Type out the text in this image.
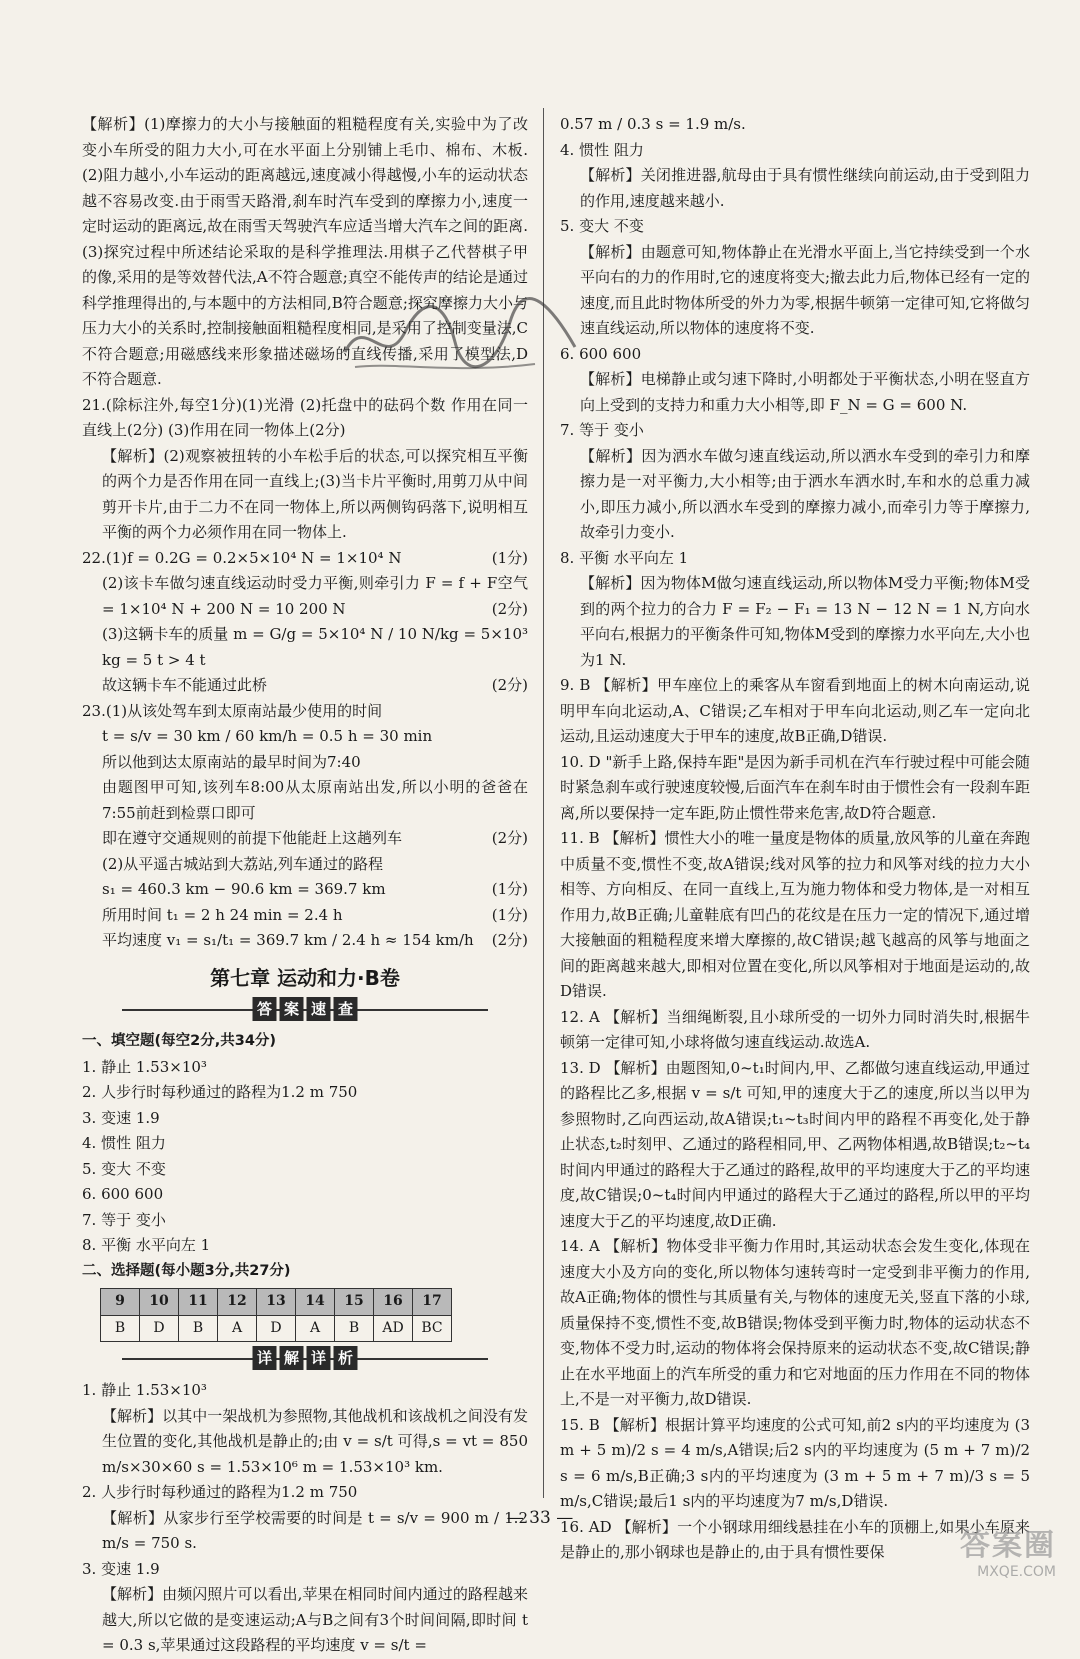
【解析】(1)摩擦力的大小与接触面的粗糙程度有关,实验中为了改变小车所受的阻力大小,可在水平面上分别铺上毛巾、棉布、木板.(2)阻力越小,小车运动的距离越远,速度减小得越慢,小车的运动状态越不容易改变.由于雨雪天路滑,刹车时汽车受到的摩擦力小,速度一定时运动的距离远,故在雨雪天驾驶汽车应适当增大汽车之间的距离.(3)探究过程中所述结论采取的是科学推理法.用棋子乙代替棋子甲的像,采用的是等效替代法,A不符合题意;真空不能传声的结论是通过科学推理得出的,与本题中的方法相同,B符合题意;探究摩擦力大小与压力大小的关系时,控制接触面粗糙程度相同,是采用了控制变量法,C不符合题意;用磁感线来形象描述磁场的直线传播,采用了模型法,D不符合题意.

21.(除标注外,每空1分)(1)光滑 (2)托盘中的砝码个数 作用在同一直线上(2分) (3)作用在同一物体上(2分)

【解析】(2)观察被扭转的小车松手后的状态,可以探究相互平衡的两个力是否作用在同一直线上;(3)当卡片平衡时,用剪刀从中间剪开卡片,由于二力不在同一物体上,所以两侧钩码落下,说明相互平衡的两个力必须作用在同一物体上.

22.(1)f = 0.2G = 0.2×5×10⁴ N = 1×10⁴ N	(1分)

(2)该卡车做匀速直线运动时受力平衡,则牵引力 F = f + F空气 = 1×10⁴ N + 200 N = 10 200 N	(2分)

(3)这辆卡车的质量 m = G/g = 5×10⁴ N / 10 N/kg = 5×10³ kg = 5 t > 4 t

故这辆卡车不能通过此桥	(2分)

23.(1)从该处驾车到太原南站最少使用的时间

t = s/v = 30 km / 60 km/h = 0.5 h = 30 min

所以他到达太原南站的最早时间为7:40

由题图甲可知,该列车8:00从太原南站出发,所以小明的爸爸在7:55前赶到检票口即可

即在遵守交通规则的前提下他能赶上这趟列车	(2分)

(2)从平遥古城站到大荔站,列车通过的路程

s₁ = 460.3 km − 90.6 km = 369.7 km	(1分)

所用时间 t₁ = 2 h 24 min = 2.4 h	(1分)

平均速度 v₁ = s₁/t₁ = 369.7 km / 2.4 h ≈ 154 km/h (2分)

第七章 运动和力·B卷
答 案 速 查
一、填空题(每空2分,共34分)
1. 静止 1.53×10³
2. 人步行时每秒通过的路程为1.2 m 750
3. 变速 1.9
4. 惯性 阻力
5. 变大 不变
6. 600 600
7. 等于 变小
8. 平衡 水平向左 1
二、选择题(每小题3分,共27分)
9	10	11	12	13	14	15	16	17
B	D	B	A	D	A	B	AD	BC
详 解 详 析

1. 静止 1.53×10³

【解析】以其中一架战机为参照物,其他战机和该战机之间没有发生位置的变化,其他战机是静止的;由 v = s/t 可得,s = vt = 850 m/s×30×60 s = 1.53×10⁶ m = 1.53×10³ km.

2. 人步行时每秒通过的路程为1.2 m 750

【解析】从家步行至学校需要的时间是 t = s/v = 900 m / 1.2 m/s = 750 s.

3. 变速 1.9

【解析】由频闪照片可以看出,苹果在相同时间内通过的路程越来越大,所以它做的是变速运动;A与B之间有3个时间间隔,即时间 t = 0.3 s,苹果通过这段路程的平均速度 v = s/t =

0.57 m / 0.3 s = 1.9 m/s.

4. 惯性 阻力

【解析】关闭推进器,航母由于具有惯性继续向前运动,由于受到阻力的作用,速度越来越小.

5. 变大 不变

【解析】由题意可知,物体静止在光滑水平面上,当它持续受到一个水平向右的力的作用时,它的速度将变大;撤去此力后,物体已经有一定的速度,而且此时物体所受的外力为零,根据牛顿第一定律可知,它将做匀速直线运动,所以物体的速度将不变.

6. 600 600

【解析】电梯静止或匀速下降时,小明都处于平衡状态,小明在竖直方向上受到的支持力和重力大小相等,即 F_N = G = 600 N.

7. 等于 变小

【解析】因为洒水车做匀速直线运动,所以洒水车受到的牵引力和摩擦力是一对平衡力,大小相等;由于洒水车洒水时,车和水的总重力减小,即压力减小,所以洒水车受到的摩擦力减小,而牵引力等于摩擦力,故牵引力变小.

8. 平衡 水平向左 1

【解析】因为物体M做匀速直线运动,所以物体M受力平衡;物体M受到的两个拉力的合力 F = F₂ − F₁ = 13 N − 12 N = 1 N,方向水平向右,根据力的平衡条件可知,物体M受到的摩擦力水平向左,大小也为1 N.

9. B 【解析】甲车座位上的乘客从车窗看到地面上的树木向南运动,说明甲车向北运动,A、C错误;乙车相对于甲车向北运动,则乙车一定向北运动,且运动速度大于甲车的速度,故B正确,D错误.

10. D "新手上路,保持车距"是因为新手司机在汽车行驶过程中可能会随时紧急刹车或行驶速度较慢,后面汽车在刹车时由于惯性会有一段刹车距离,所以要保持一定车距,防止惯性带来危害,故D符合题意.

11. B 【解析】惯性大小的唯一量度是物体的质量,放风筝的儿童在奔跑中质量不变,惯性不变,故A错误;线对风筝的拉力和风筝对线的拉力大小相等、方向相反、在同一直线上,互为施力物体和受力物体,是一对相互作用力,故B正确;儿童鞋底有凹凸的花纹是在压力一定的情况下,通过增大接触面的粗糙程度来增大摩擦的,故C错误;越飞越高的风筝与地面之间的距离越来越大,即相对位置在变化,所以风筝相对于地面是运动的,故D错误.

12. A 【解析】当细绳断裂,且小球所受的一切外力同时消失时,根据牛顿第一定律可知,小球将做匀速直线运动.故选A.

13. D 【解析】由题图知,0~t₁时间内,甲、乙都做匀速直线运动,甲通过的路程比乙多,根据 v = s/t 可知,甲的速度大于乙的速度,所以当以甲为参照物时,乙向西运动,故A错误;t₁~t₃时间内甲的路程不再变化,处于静止状态,t₂时刻甲、乙通过的路程相同,甲、乙两物体相遇,故B错误;t₂~t₄时间内甲通过的路程大于乙通过的路程,故甲的平均速度大于乙的平均速度,故C错误;0~t₄时间内甲通过的路程大于乙通过的路程,所以甲的平均速度大于乙的平均速度,故D正确.

14. A 【解析】物体受非平衡力作用时,其运动状态会发生变化,体现在速度大小及方向的变化,所以物体匀速转弯时一定受到非平衡力的作用,故A正确;物体的惯性与其质量有关,与物体的速度无关,竖直下落的小球,质量保持不变,惯性不变,故B错误;物体受到平衡力时,物体的运动状态不变,物体不受力时,运动的物体将会保持原来的运动状态不变,故C错误;静止在水平地面上的汽车所受的重力和它对地面的压力作用在不同的物体上,不是一对平衡力,故D错误.

15. B 【解析】根据计算平均速度的公式可知,前2 s内的平均速度为 (3 m + 5 m)/2 s = 4 m/s,A错误;后2 s内的平均速度为 (5 m + 7 m)/2 s = 6 m/s,B正确;3 s内的平均速度为 (3 m + 5 m + 7 m)/3 s = 5 m/s,C错误;最后1 s内的平均速度为7 m/s,D错误.

16. AD 【解析】一个小钢球用细线悬挂在小车的顶棚上,如果小车原来是静止的,那小钢球也是静止的,由于具有惯性要保

— 33 —
答案圈
MXQE.COM
